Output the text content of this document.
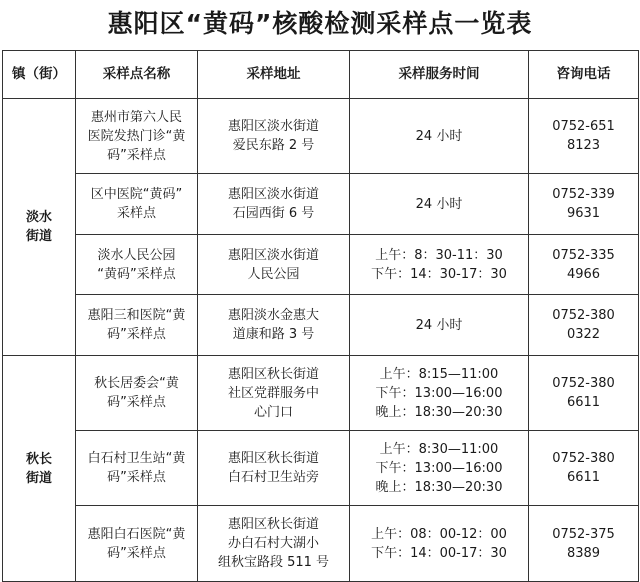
惠阳区“黄码”核酸检测采样点一览表
镇（街）	采样点名称	采样地址	采样服务时间	咨询电话

淡水
街道	惠州市第六人民
医院发热门诊“黄
码”采样点	惠阳区淡水街道
爱民东路 2 号	24 小时	0752-651
8123

	区中医院“黄码”
采样点	惠阳区淡水街道
石园西街 6 号	24 小时	0752-339
9631

	淡水人民公园
“黄码”采样点	惠阳区淡水街道
人民公园	上午：8：30-11：30
下午：14：30-17：30	0752-335
4966

	惠阳三和医院“黄
码”采样点	惠阳淡水金惠大
道康和路 3 号	24 小时	0752-380
0322

秋长
街道	秋长居委会“黄
码”采样点	惠阳区秋长街道
社区党群服务中
心门口	上午：8:15—11:00
下午：13:00—16:00
晚上：18:30—20:30	0752-380
6611

	白石村卫生站“黄
码”采样点	惠阳区秋长街道
白石村卫生站旁	上午：8:30—11:00
下午：13:00—16:00
晚上：18:30—20:30	0752-380
6611

	惠阳白石医院“黄
码”采样点	惠阳区秋长街道
办白石村大湖小
组秋宝路段 511 号	上午：08：00-12：00
下午：14：00-17：30	0752-375
8389
